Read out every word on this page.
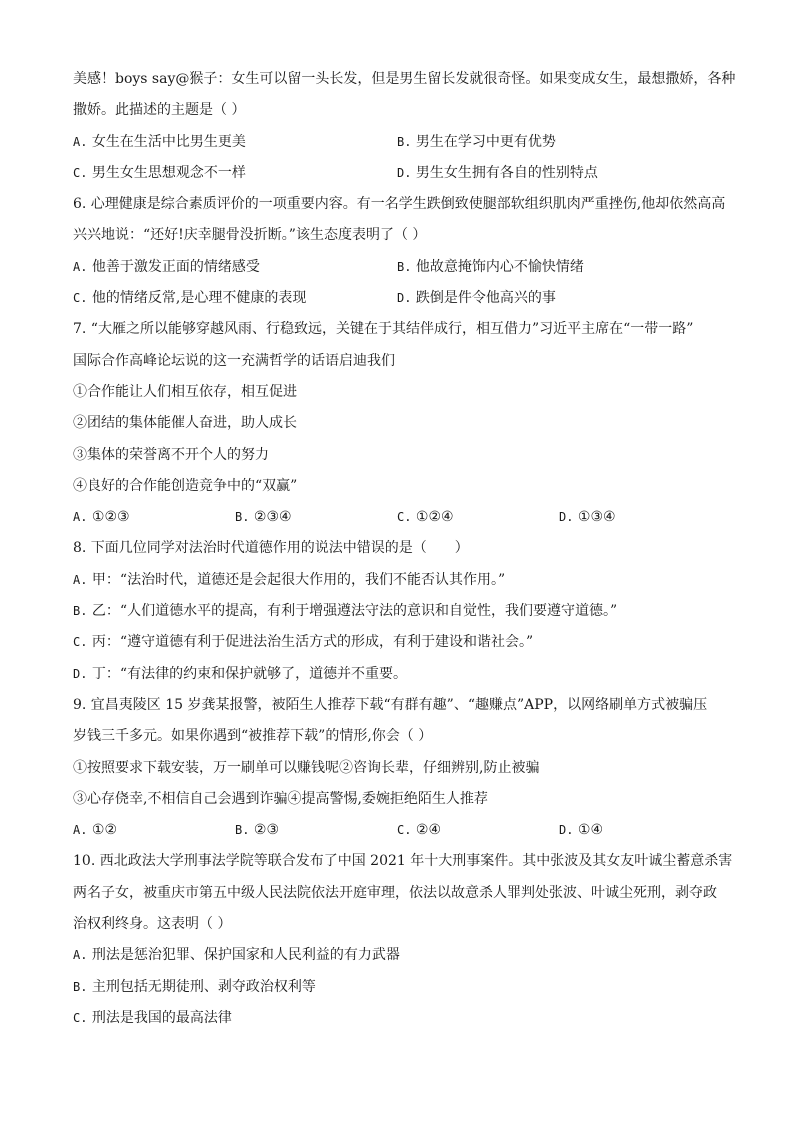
美感！boys say@猴子：女生可以留一头长发，但是男生留长发就很奇怪。如果变成女生，最想撒娇，各种
撒娇。此描述的主题是（ ）
A. 女生在生活中比男生更美	B. 男生在学习中更有优势
C. 男生女生思想观念不一样	D. 男生女生拥有各自的性别特点
6. 心理健康是综合素质评价的一项重要内容。有一名学生跌倒致使腿部软组织肌肉严重挫伤,他却依然高高
兴兴地说：“还好!庆幸腿骨没折断。”该生态度表明了（ ）
A. 他善于激发正面的情绪感受	B. 他故意掩饰内心不愉快情绪
C. 他的情绪反常,是心理不健康的表现	D. 跌倒是件令他高兴的事
7. “大雁之所以能够穿越风雨、行稳致远，关键在于其结伴成行，相互借力”习近平主席在“一带一路”
国际合作高峰论坛说的这一充满哲学的话语启迪我们
①合作能让人们相互依存，相互促进
②团结的集体能催人奋进，助人成长
③集体的荣誉离不开个人的努力
④良好的合作能创造竞争中的“双赢”
A. ①②③	B. ②③④	C. ①②④	D. ①③④
8. 下面几位同学对法治时代道德作用的说法中错误的是（　　）
A. 甲：“法治时代，道德还是会起很大作用的，我们不能否认其作用。”
B. 乙：“人们道德水平的提高，有利于增强遵法守法的意识和自觉性，我们要遵守道德。”
C. 丙：“遵守道德有利于促进法治生活方式的形成，有利于建设和谐社会。”
D. 丁：“有法律的约束和保护就够了，道德并不重要。
9. 宜昌夷陵区 15 岁龚某报警，被陌生人推荐下载“有群有趣”、“趣赚点”APP，以网络刷单方式被骗压
岁钱三千多元。如果你遇到“被推荐下载”的情形,你会（ ）
①按照要求下载安装，万一刷单可以赚钱呢②咨询长辈，仔细辨别,防止被骗
③心存侥幸,不相信自己会遇到诈骗④提高警惕,委婉拒绝陌生人推荐
A. ①②	B. ②③	C. ②④	D. ①④
10. 西北政法大学刑事法学院等联合发布了中国 2021 年十大刑事案件。其中张波及其女友叶诚尘蓄意杀害
两名子女，被重庆市第五中级人民法院依法开庭审理，依法以故意杀人罪判处张波、叶诚尘死刑，剥夺政
治权利终身。这表明（ ）
A. 刑法是惩治犯罪、保护国家和人民利益的有力武器
B. 主刑包括无期徒刑、剥夺政治权利等
C. 刑法是我国的最高法律
